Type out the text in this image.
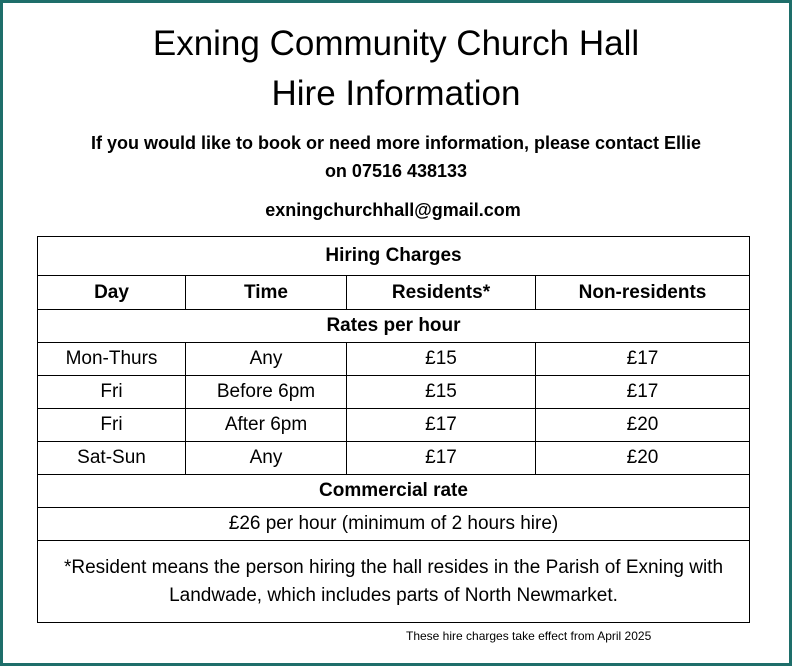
Exning Community Church Hall
Hire Information
If you would like to book or need more information, please contact Ellie on 07516 438133
exningchurchhall@gmail.com
Hiring Charges			
Day	Time	Residents*	Non-residents
Rates per hour			
Mon-Thurs	Any	£15	£17
Fri	Before 6pm	£15	£17
Fri	After 6pm	£17	£20
Sat-Sun	Any	£17	£20
Commercial rate			
£26 per hour (minimum of 2 hours hire)			
*Resident means the person hiring the hall resides in the Parish of Exning with Landwade, which includes parts of North Newmarket.			
These hire charges take effect from April 2025
